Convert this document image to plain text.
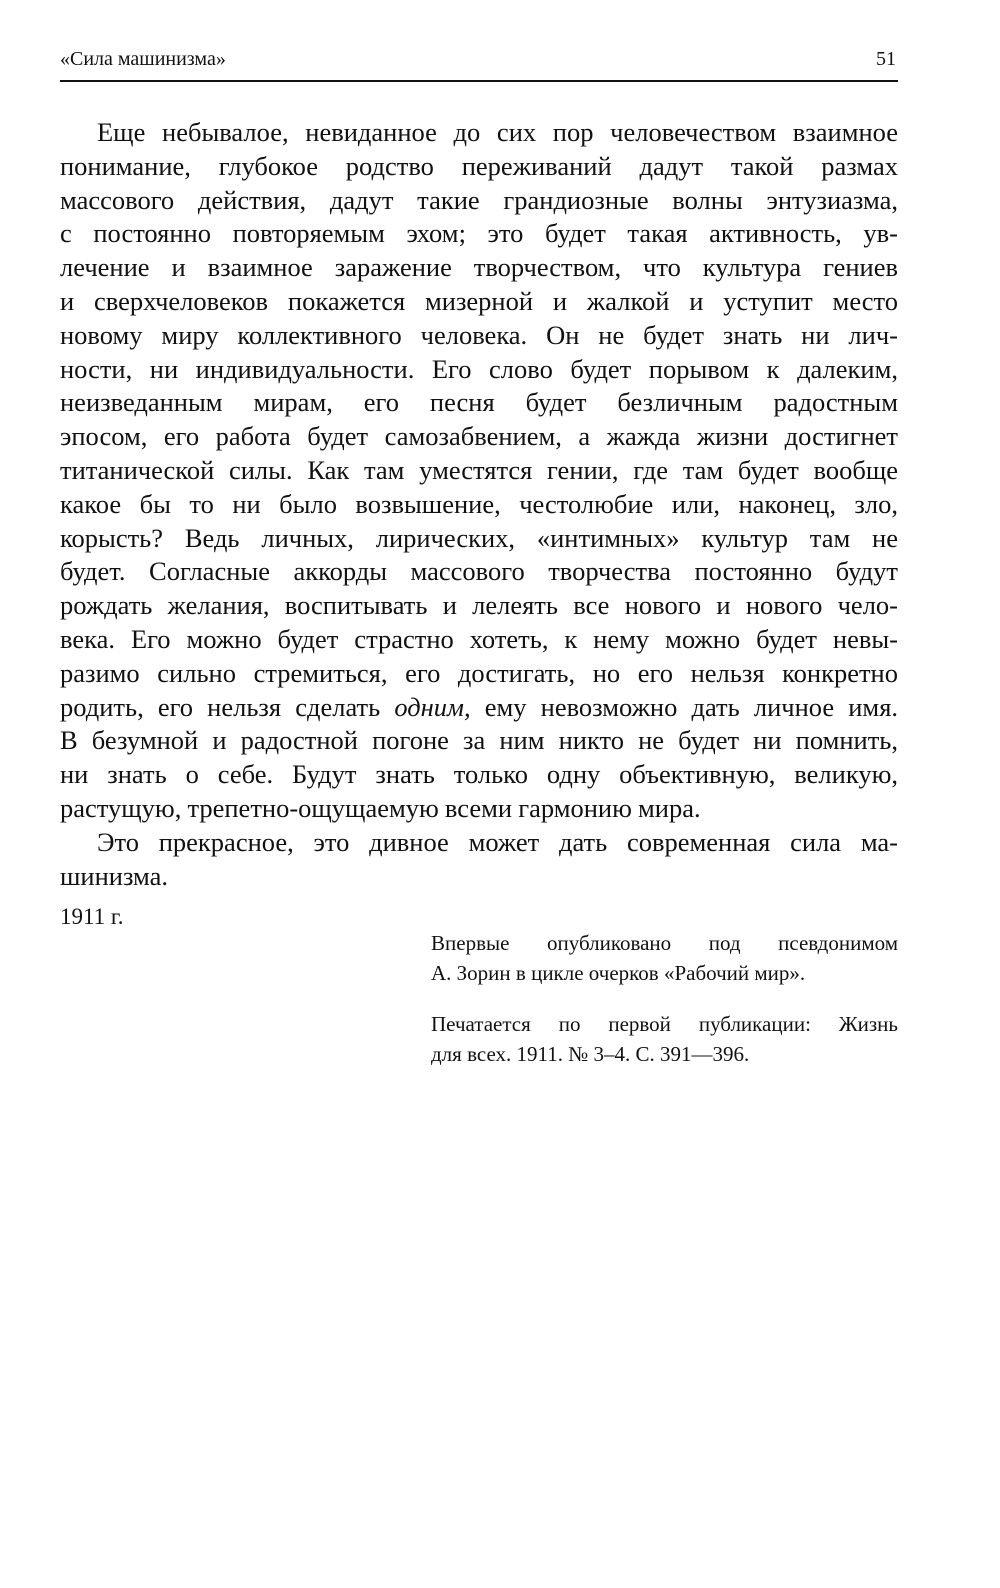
«Сила машинизма»	51
Еще небывалое, невиданное до сих пор человечеством взаимное
понимание, глубокое родство переживаний дадут такой размах
массового действия, дадут такие грандиозные волны энтузиазма,
с постоянно повторяемым эхом; это будет такая активность, ув-
лечение и взаимное заражение творчеством, что культура гениев
и сверхчеловеков покажется мизерной и жалкой и уступит место
новому миру коллективного человека. Он не будет знать ни лич-
ности, ни индивидуальности. Его слово будет порывом к далеким,
неизведанным мирам, его песня будет безличным радостным
эпосом, его работа будет самозабвением, а жажда жизни достигнет
титанической силы. Как там уместятся гении, где там будет вообще
какое бы то ни было возвышение, честолюбие или, наконец, зло,
корысть? Ведь личных, лирических, «интимных» культур там не
будет. Согласные аккорды массового творчества постоянно будут
рождать желания, воспитывать и лелеять все нового и нового чело-
века. Его можно будет страстно хотеть, к нему можно будет невы-
разимо сильно стремиться, его достигать, но его нельзя конкретно
родить, его нельзя сделать одним, ему невозможно дать личное имя.
В безумной и радостной погоне за ним никто не будет ни помнить,
ни знать о себе. Будут знать только одну объективную, великую,
растущую, трепетно-ощущаемую всеми гармонию мира.
Это прекрасное, это дивное может дать современная сила ма-
шинизма.
1911 г.
Впервые опубликовано под псевдонимом
А. Зорин в цикле очерков «Рабочий мир».
Печатается по первой публикации: Жизнь
для всех. 1911. № 3–4. С. 391—396.
